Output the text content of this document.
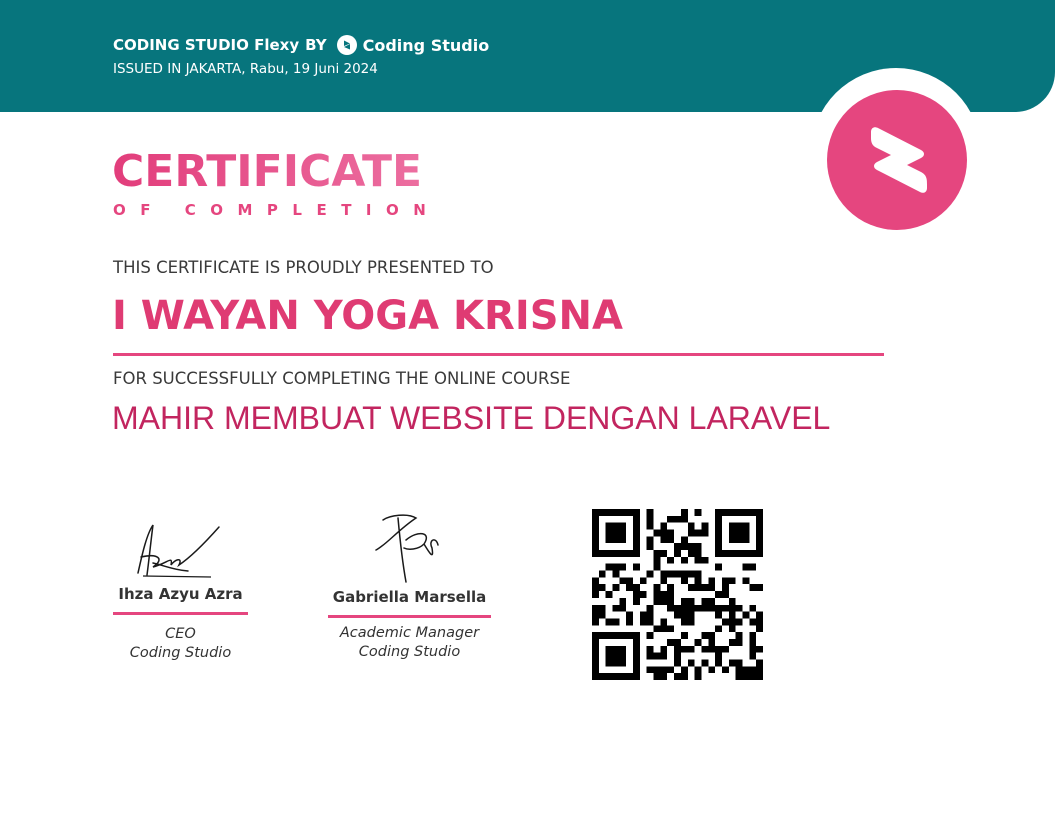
CODING STUDIO Flexy BY Coding Studio
ISSUED IN JAKARTA, Rabu, 19 Juni 2024
CERTIFICATE
OF COMPLETION
THIS CERTIFICATE IS PROUDLY PRESENTED TO
I WAYAN YOGA KRISNA
FOR SUCCESSFULLY COMPLETING THE ONLINE COURSE
MAHIR MEMBUAT WEBSITE DENGAN LARAVEL
Ihza Azyu Azra
CEO
Coding Studio
Gabriella Marsella
Academic Manager
Coding Studio
